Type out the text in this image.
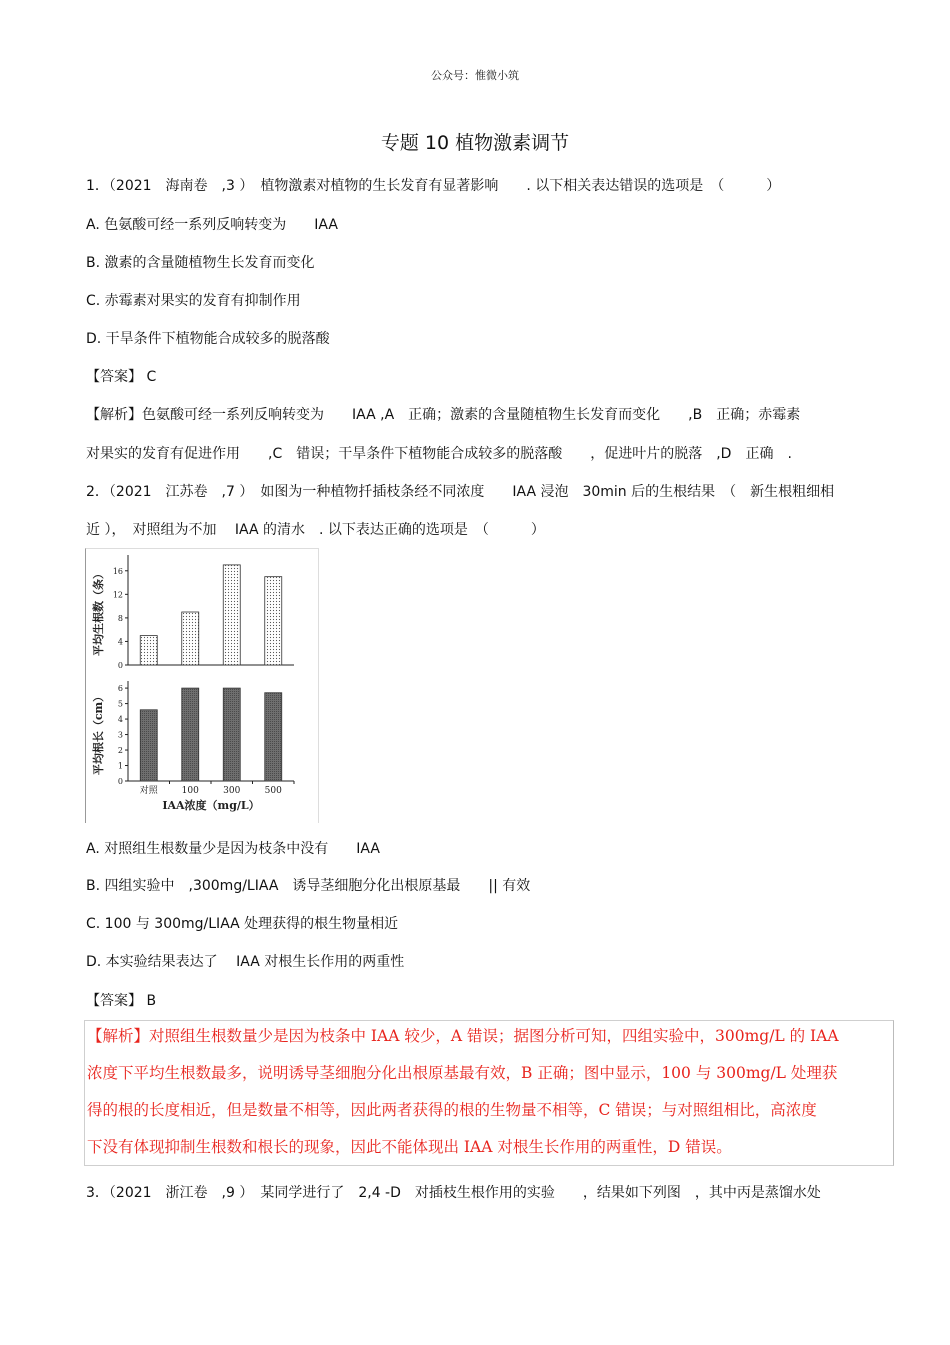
公众号：惟微小筑
专题 10 植物激素调节
1．（2021　海南卷　,3 ）　植物激素对植物的生长发育有显著影响　　. 以下相关表达错误的选项是　（　　　）
A. 色氨酸可经一系列反响转变为　　IAA
B. 激素的含量随植物生长发育而变化
C. 赤霉素对果实的发育有抑制作用
D. 干旱条件下植物能合成较多的脱落酸
【答案】 C
【解析】色氨酸可经一系列反响转变为　　IAA ,A　正确；激素的含量随植物生长发育而变化　　,B　正确；赤霉素
对果实的发育有促进作用　　,C　错误；干旱条件下植物能合成较多的脱落酸　　，促进叶片的脱落　,D　正确　.
2．（2021　江苏卷　,7 ）　如图为一种植物扦插枝条经不同浓度　　IAA 浸泡　30min 后的生根结果　（　新生根粗细相
近 ），　对照组为不加　 IAA 的清水　. 以下表达正确的选项是　（　　　）
0
4
8
12
16
平均生根数（条）
0
1
2
3
4
5
6
平均根长（cm）
对照	100	300	500
IAA浓度（mg/L）
A. 对照组生根数量少是因为枝条中没有　　IAA
B. 四组实验中　,300mg/LIAA　诱导茎细胞分化出根原基最　　|| 有效
C. 100 与 300mg/LIAA 处理获得的根生物量相近
D. 本实验结果表达了　 IAA 对根生长作用的两重性
【答案】 B
【解析】对照组生根数量少是因为枝条中 IAA 较少，A 错误；据图分析可知，四组实验中，300mg/L 的 IAA
浓度下平均生根数最多，说明诱导茎细胞分化出根原基最有效，B 正确；图中显示，100 与 300mg/L 处理获
得的根的长度相近，但是数量不相等，因此两者获得的根的生物量不相等，C 错误；与对照组相比，高浓度
下没有体现抑制生根数和根长的现象，因此不能体现出 IAA 对根生长作用的两重性，D 错误。
3．（2021　浙江卷　,9 ）　某同学进行了　2,4 -D　对插枝生根作用的实验　　，结果如下列图　，其中丙是蒸馏水处
